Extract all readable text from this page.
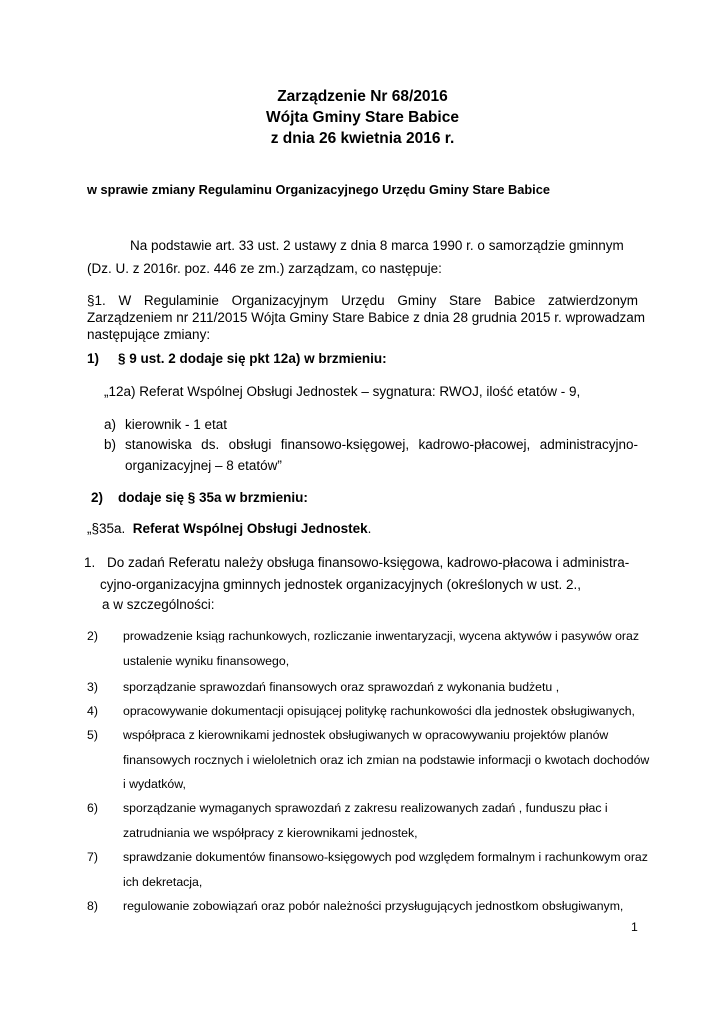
Zarządzenie Nr 68/2016
Wójta Gminy Stare Babice
z dnia 26 kwietnia 2016 r.
w sprawie zmiany Regulaminu Organizacyjnego Urzędu Gminy Stare Babice
Na podstawie art. 33 ust. 2 ustawy z dnia 8 marca 1990 r. o samorządzie gminnym
(Dz. U. z 2016r. poz. 446 ze zm.) zarządzam, co następuje:
§1. W Regulaminie Organizacyjnym Urzędu Gminy Stare Babice zatwierdzonym
Zarządzeniem nr 211/2015 Wójta Gminy Stare Babice z dnia 28 grudnia 2015 r. wprowadzam
następujące zmiany:
1) § 9 ust. 2 dodaje się pkt 12a) w brzmieniu:
„12a) Referat Wspólnej Obsługi Jednostek – sygnatura: RWOJ, ilość etatów - 9,
a) kierownik - 1 etat
b) stanowiska ds. obsługi finansowo-księgowej, kadrowo-płacowej, administracyjno-
organizacyjnej – 8 etatów”
2) dodaje się § 35a w brzmieniu:
„§35a. Referat Wspólnej Obsługi Jednostek.
1. Do zadań Referatu należy obsługa finansowo-księgowa, kadrowo-płacowa i administra-
cyjno-organizacyjna gminnych jednostek organizacyjnych (określonych w ust. 2.,
a w szczególności:
2) prowadzenie ksiąg rachunkowych, rozliczanie inwentaryzacji, wycena aktywów i pasywów oraz
ustalenie wyniku finansowego,
3) sporządzanie sprawozdań finansowych oraz sprawozdań z wykonania budżetu ,
4) opracowywanie dokumentacji opisującej politykę rachunkowości dla jednostek obsługiwanych,
5) współpraca z kierownikami jednostek obsługiwanych w opracowywaniu projektów planów
finansowych rocznych i wieloletnich oraz ich zmian na podstawie informacji o kwotach dochodów
i wydatków,
6) sporządzanie wymaganych sprawozdań z zakresu realizowanych zadań , funduszu płac i
zatrudniania we współpracy z kierownikami jednostek,
7) sprawdzanie dokumentów finansowo-księgowych pod względem formalnym i rachunkowym oraz
ich dekretacja,
8) regulowanie zobowiązań oraz pobór należności przysługujących jednostkom obsługiwanym,
1
